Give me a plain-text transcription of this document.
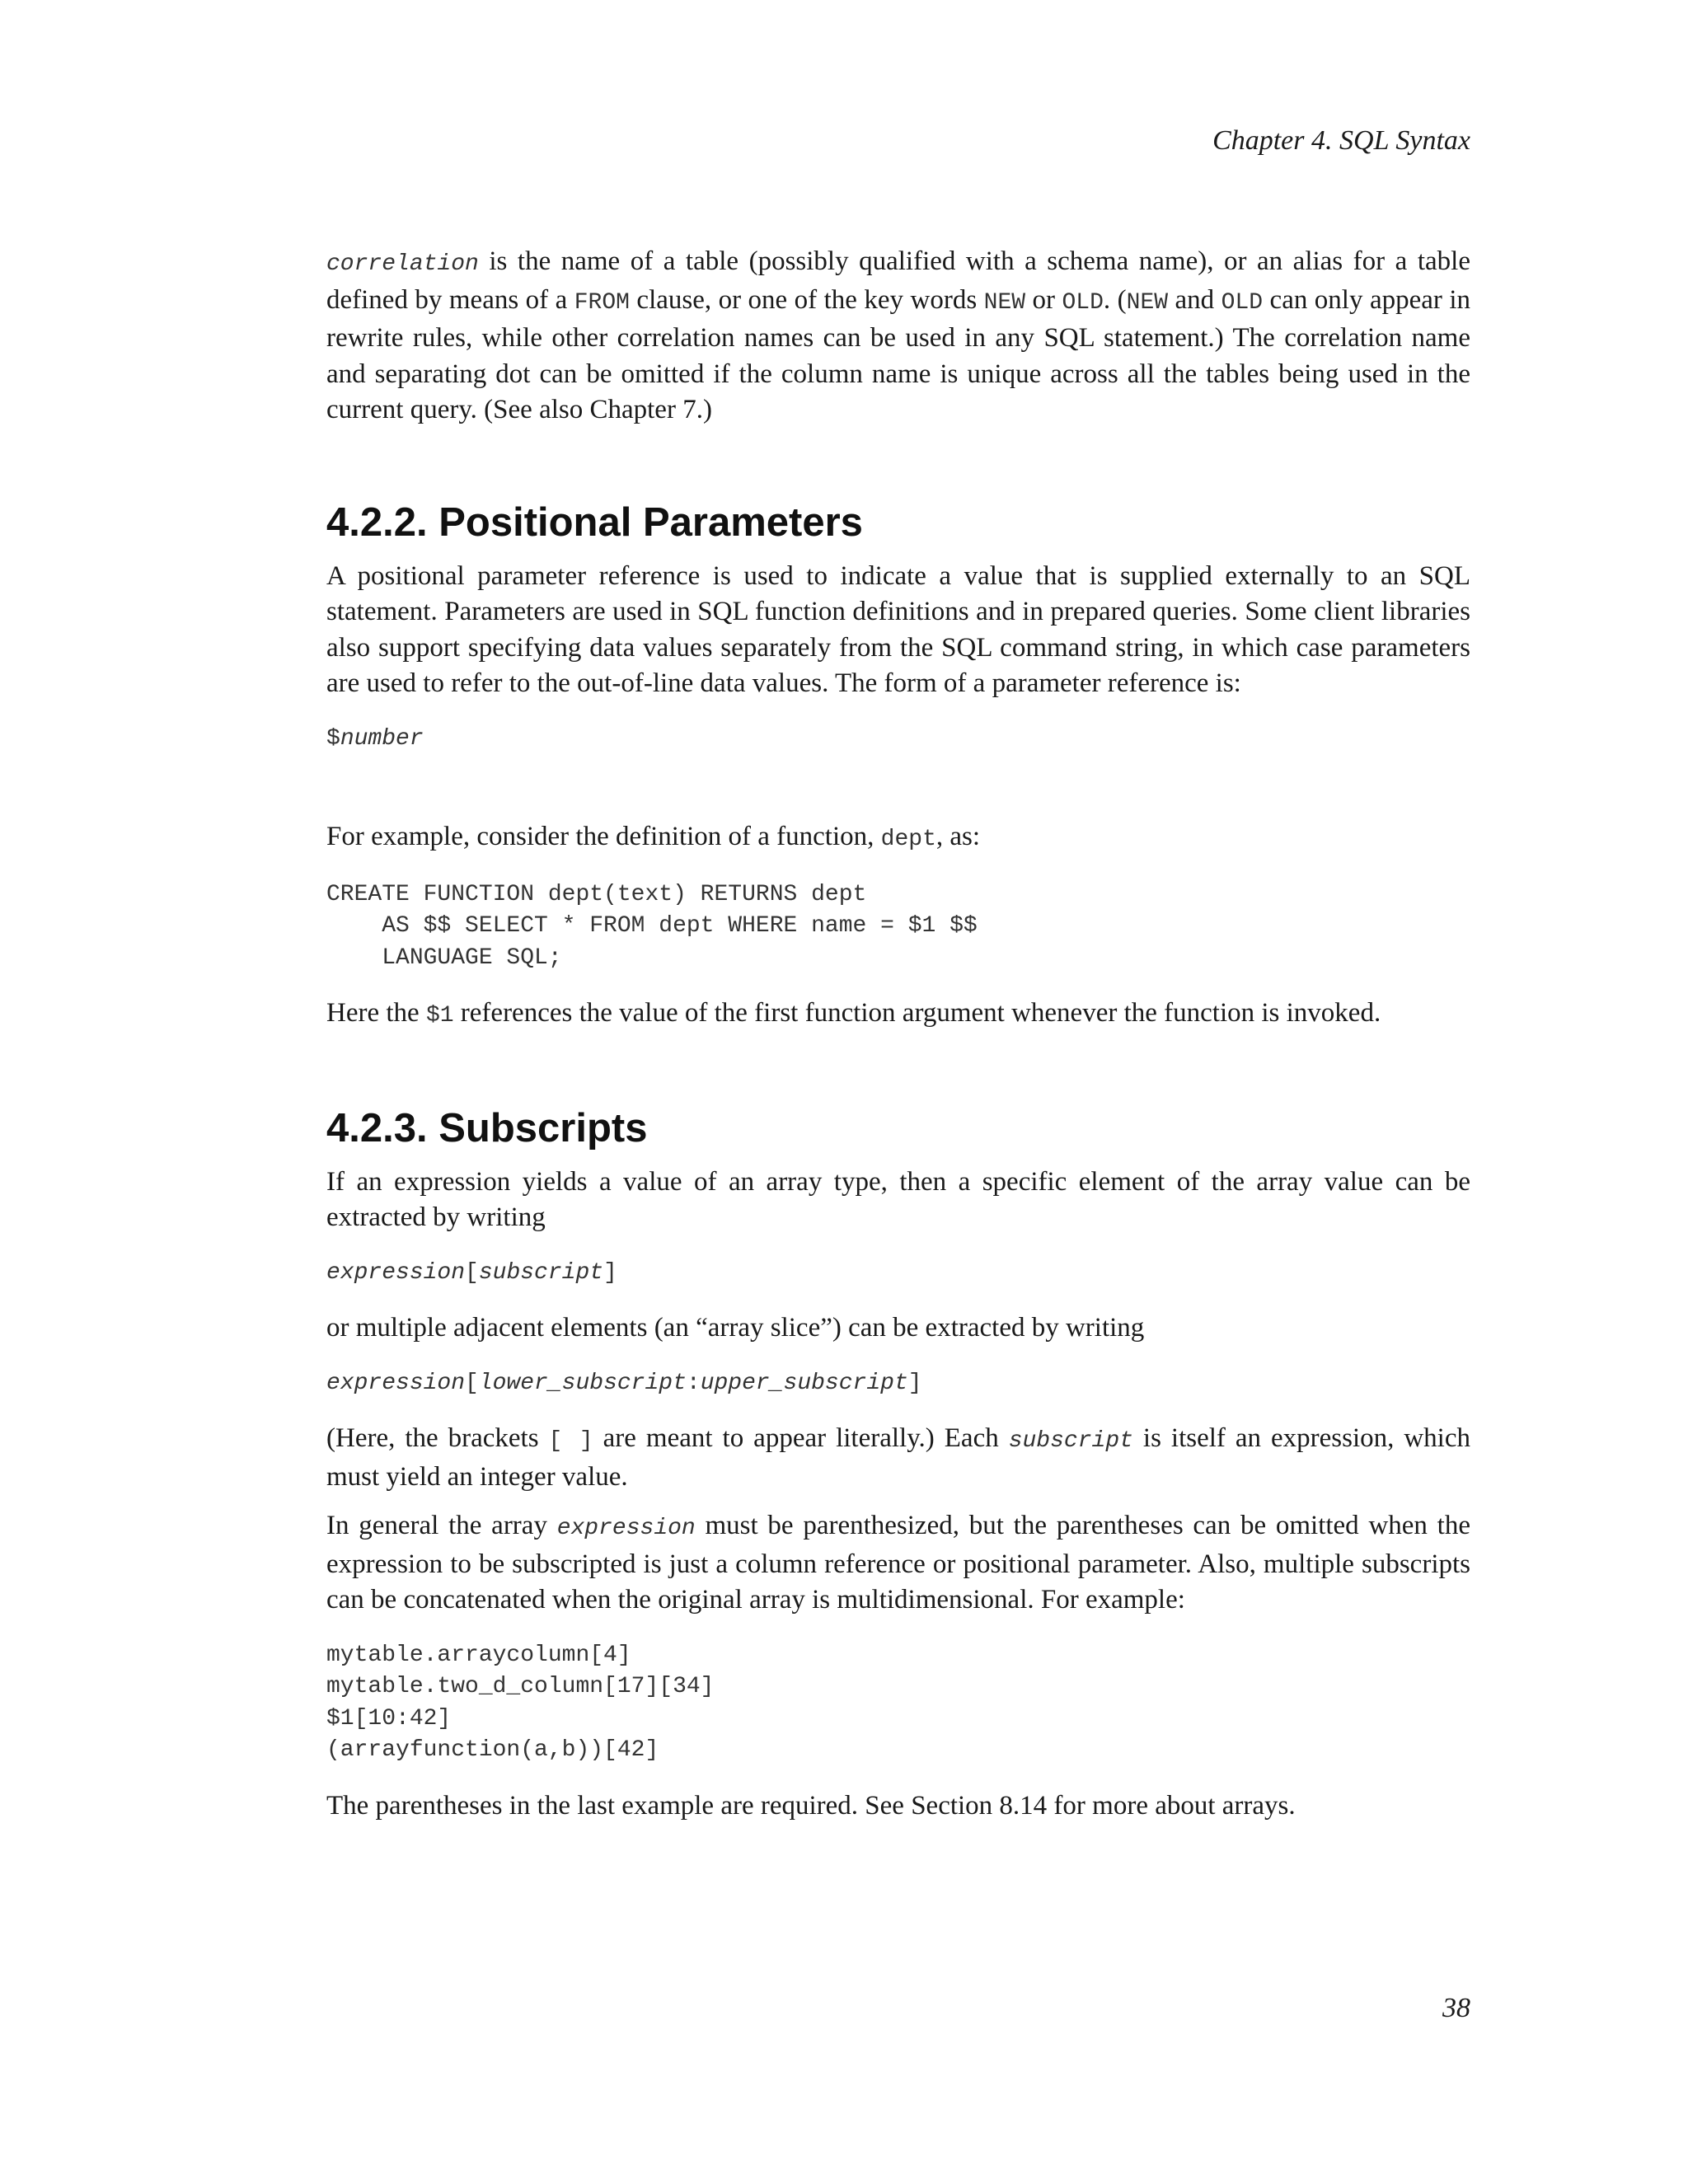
Chapter 4. SQL Syntax

correlation is the name of a table (possibly qualified with a schema name), or an alias for a table defined by means of a FROM clause, or one of the key words NEW or OLD. (NEW and OLD can only appear in rewrite rules, while other correlation names can be used in any SQL statement.) The correlation name and separating dot can be omitted if the column name is unique across all the tables being used in the current query. (See also Chapter 7.)

4.2.2. Positional Parameters

A positional parameter reference is used to indicate a value that is supplied externally to an SQL statement. Parameters are used in SQL function definitions and in prepared queries. Some client libraries also support specifying data values separately from the SQL command string, in which case parameters are used to refer to the out-of-line data values. The form of a parameter reference is:

$number

For example, consider the definition of a function, dept, as:

CREATE FUNCTION dept(text) RETURNS dept
AS $$ SELECT * FROM dept WHERE name = $1 $$
LANGUAGE SQL;

Here the $1 references the value of the first function argument whenever the function is invoked.

4.2.3. Subscripts

If an expression yields a value of an array type, then a specific element of the array value can be extracted by writing

expression[subscript]

or multiple adjacent elements (an “array slice”) can be extracted by writing

expression[lower_subscript:upper_subscript]

(Here, the brackets [ ] are meant to appear literally.) Each subscript is itself an expression, which must yield an integer value.

In general the array expression must be parenthesized, but the parentheses can be omitted when the expression to be subscripted is just a column reference or positional parameter. Also, multiple subscripts can be concatenated when the original array is multidimensional. For example:

mytable.arraycolumn[4]
mytable.two_d_column[17][34]
$1[10:42]
(arrayfunction(a,b))[42]

The parentheses in the last example are required. See Section 8.14 for more about arrays.

38
